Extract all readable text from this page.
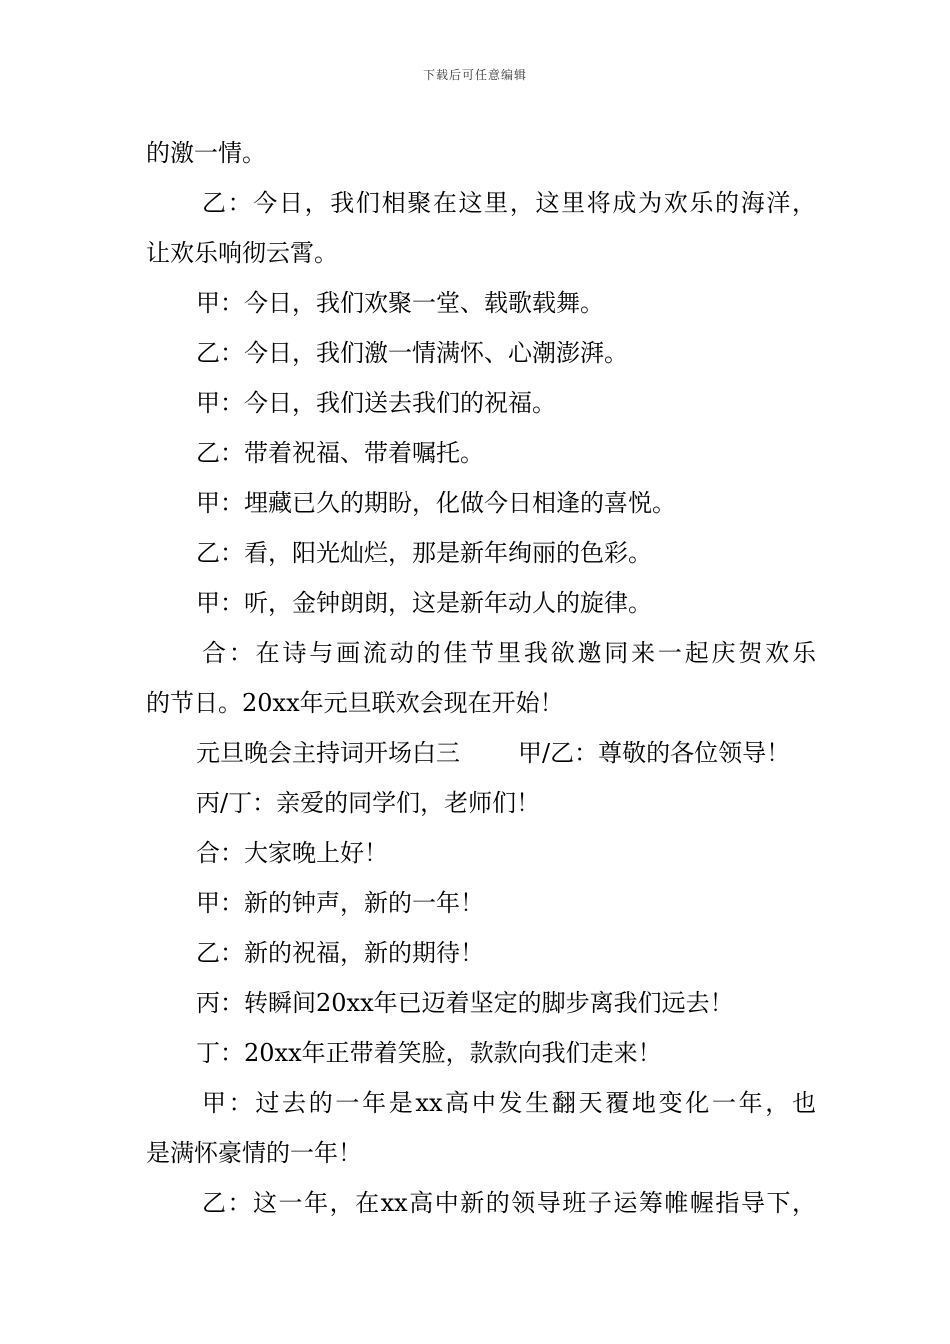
下载后可任意编辑
的激一情。
乙：今日，我们相聚在这里，这里将成为欢乐的海洋，
让欢乐响彻云霄。
甲：今日，我们欢聚一堂、载歌载舞。
乙：今日，我们激一情满怀、心潮澎湃。
甲：今日，我们送去我们的祝福。
乙：带着祝福、带着嘱托。
甲：埋藏已久的期盼，化做今日相逢的喜悦。
乙：看，阳光灿烂，那是新年绚丽的色彩。
甲：听，金钟朗朗，这是新年动人的旋律。
合：在诗与画流动的佳节里我欲邀同来一起庆贺欢乐
的节日。20xx年元旦联欢会现在开始！
元旦晚会主持词开场白三 甲/乙：尊敬的各位领导！
丙/丁：亲爱的同学们，老师们！
合：大家晚上好！
甲：新的钟声，新的一年！
乙：新的祝福，新的期待！
丙：转瞬间20xx年已迈着坚定的脚步离我们远去！
丁：20xx年正带着笑脸，款款向我们走来！
甲：过去的一年是xx高中发生翻天覆地变化一年，也
是满怀豪情的一年！
乙：这一年，在xx高中新的领导班子运筹帷幄指导下，
